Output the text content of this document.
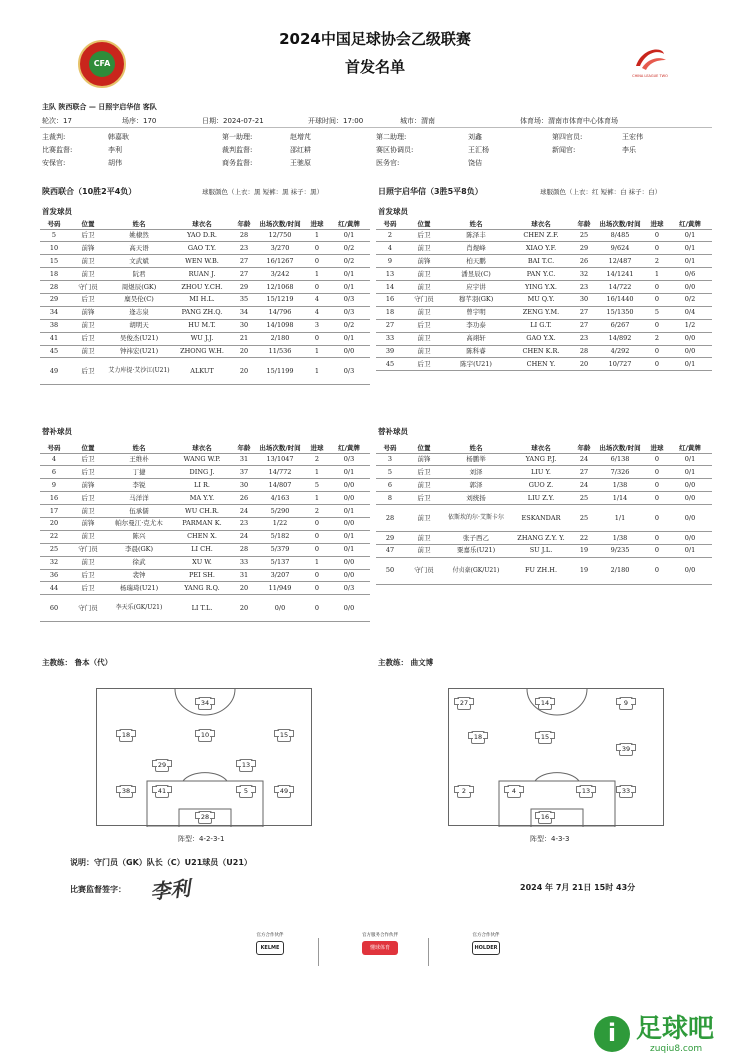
CFA
2024中国足球协会乙级联赛
首发名单	CHINA LEAGUE TWO
主队 陕西联合 — 日照宇启华信 客队
轮次：17	场序：170	日期：2024-07-21	开球时间：17:00	城市：渭南	体育场：渭南市体育中心体育场
主裁判:	韩嘉耿	第一助理:	赵增芃	第二助理:	刘鑫	第四官员:	王宏伟
比赛监督:	李利	裁判监督:	邵红耕	赛区协调员:	王汇杨	新闻官:	李乐
安保官:	胡伟	商务监督:	王驰原	医务官:	饶佶
陕西联合（10胜2平4负）	球服颜色（上衣：黑 短裤：黑 袜子：黑）
首发球员
号码	位置	姓名	球衣名	年龄	出场次数/时间	进球	红/黄牌
5	后卫	姚棣然	YAO D.R.	28	12/750	1	0/1
10	前锋	高天语	GAO T.Y.	23	3/270	0	0/2
15	前卫	文武斌	WEN W.B.	27	16/1267	0	0/2
18	前卫	阮君	RUAN J.	27	3/242	1	0/1
28	守门员	周煜辰(GK)	ZHOU Y.CH.	29	12/1068	0	0/1
29	后卫	糜昊伦(C)	MI H.L.	35	15/1219	4	0/3
34	前锋	逄志泉	PANG ZH.Q.	34	14/796	4	0/3
38	前卫	胡明天	HU M.T.	30	14/1098	3	0/2
41	后卫	吴俊杰(U21)	WU J.J.	21	2/180	0	0/1
45	前卫	钟祎宏(U21)	ZHONG W.H.	20	11/536	1	0/0
49	后卫	艾力库提·艾沙江(U21)	ALKUT	20	15/1199	1	0/3
替补球员
号码	位置	姓名	球衣名	年龄	出场次数/时间	进球	红/黄牌
4	后卫	王维朴	WANG W.P.	31	13/1047	2	0/3
6	后卫	丁捷	DING J.	37	14/772	1	0/1
9	前锋	李锐	LI R.	30	14/807	5	0/0
16	后卫	马洋洋	MA Y.Y.	26	4/163	1	0/0
17	前卫	伍承儒	WU CH.R.	24	5/290	2	0/1
20	前锋	帕尔曼江·克尤木	PARMAN K.	23	1/22	0	0/0
22	前卫	陈兴	CHEN X.	24	5/182	0	0/1
25	守门员	李晨(GK)	LI CH.	28	5/379	0	0/1
32	前卫	徐武	XU W.	33	5/137	1	0/0
36	后卫	裴钟	PEI SH.	31	3/207	0	0/0
44	后卫	杨瑞琦(U21)	YANG R.Q.	20	11/949	0	0/3
60	守门员	李天乐(GK/U21)	LI T.L.	20	0/0	0	0/0
日照宇启华信（3胜5平8负）	球服颜色（上衣：红 短裤：白 袜子：白）
首发球员
号码	位置	姓名	球衣名	年龄	出场次数/时间	进球	红/黄牌
2	后卫	陈泽丰	CHEN Z.F.	25	8/485	0	0/1
4	前卫	肖煜峰	XIAO Y.F.	29	9/624	0	0/1
9	前锋	柏天鹏	BAI T.C.	26	12/487	2	0/1
13	前卫	潘昱辰(C)	PAN Y.C.	32	14/1241	1	0/6
14	前卫	应宇讲	YING Y.X.	23	14/722	0	0/0
16	守门员	穆芊羽(GK)	MU Q.Y.	30	16/1440	0	0/2
18	前卫	曾宇明	ZENG Y.M.	27	15/1350	5	0/4
27	后卫	李功泰	LI G.T.	27	6/267	0	1/2
33	前卫	高翊轩	GAO Y.X.	23	14/892	2	0/0
39	前卫	陈科睿	CHEN K.R.	28	4/292	0	0/0
45	后卫	陈宇(U21)	CHEN Y.	20	10/727	0	0/1
替补球员
号码	位置	姓名	球衣名	年龄	出场次数/时间	进球	红/黄牌
3	前锋	杨鹏举	YANG P.J.	24	6/138	0	0/1
5	后卫	刘泽	LIU Y.	27	7/326	0	0/1
6	前卫	郭泽	GUO Z.	24	1/38	0	0/0
8	后卫	刘统扬	LIU Z.Y.	25	1/14	0	0/0
28	前卫	依斯坎的尔·艾斯卡尔	ESKANDAR	25	1/1	0	0/0
29	前卫	张子西乙	ZHANG Z.Y. Y.	22	1/38	0	0/0
47	前卫	粟嘉乐(U21)	SU J.L.	19	9/235	0	0/1
50	守门员	付贞豪(GK/U21)	FU ZH.H.	19	2/180	0	0/0
主教练： 鲁本（代）	主教练： 曲文博
34
18	10	15
29	13
38	41	5	49
28
阵型：4-2-3-1
27	14	9
18	15
39
2	4	13	33
16
阵型：4-3-3
说明：守门员（GK）队长（C）U21球员（U21）
比赛监督签字： 李利	2024 年 7月 21日 15时 43分
官方合作伙伴
KELME
官方服务合作伙伴
懂球体育
官方合作伙伴
HOLDER
i 足球吧
zuqiu8.com
